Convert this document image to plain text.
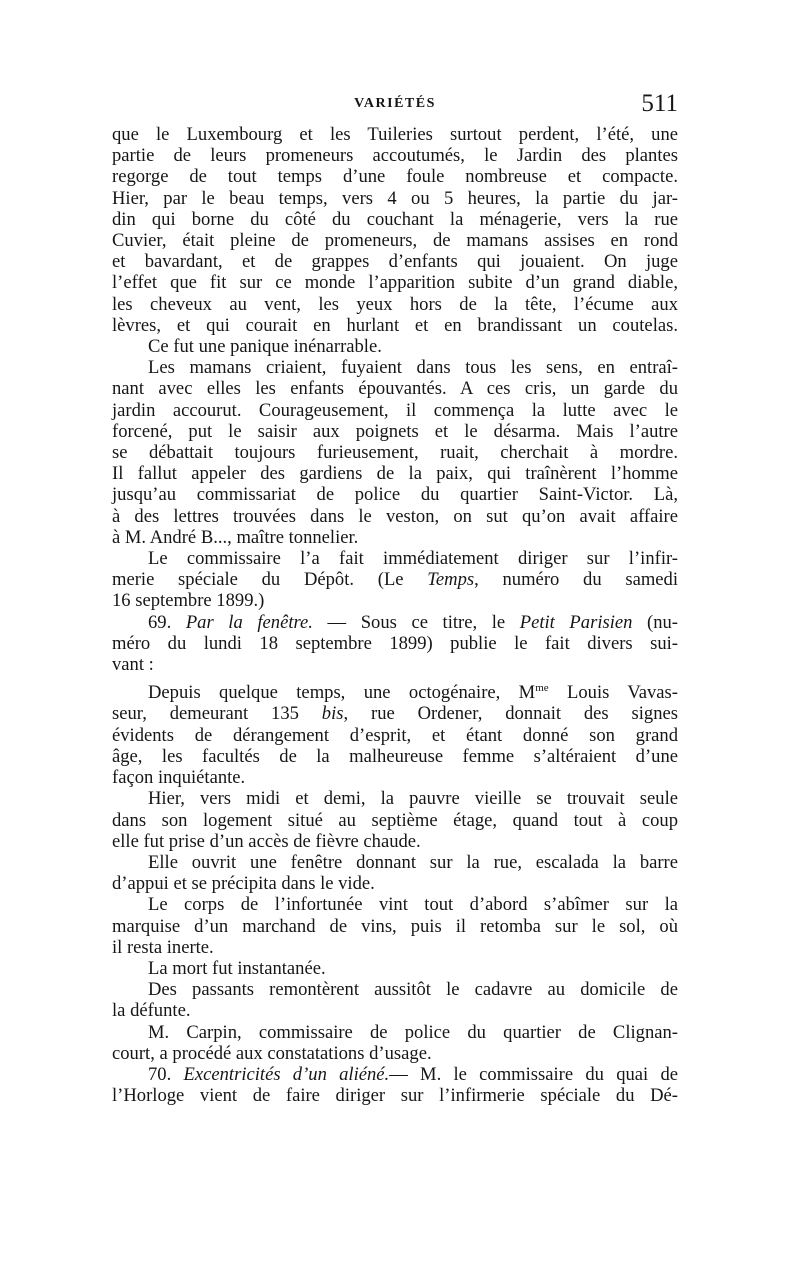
VARIÉTÉS	511
que le Luxembourg et les Tuileries surtout perdent, l’été, une
partie de leurs promeneurs accoutumés, le Jardin des plantes
regorge de tout temps d’une foule nombreuse et compacte.
Hier, par le beau temps, vers 4 ou 5 heures, la partie du jar-
din qui borne du côté du couchant la ménagerie, vers la rue
Cuvier, était pleine de promeneurs, de mamans assises en rond
et bavardant, et de grappes d’enfants qui jouaient. On juge
l’effet que fit sur ce monde l’apparition subite d’un grand diable,
les cheveux au vent, les yeux hors de la tête, l’écume aux
lèvres, et qui courait en hurlant et en brandissant un coutelas.
Ce fut une panique inénarrable.
Les mamans criaient, fuyaient dans tous les sens, en entraî-
nant avec elles les enfants épouvantés. A ces cris, un garde du
jardin accourut. Courageusement, il commença la lutte avec le
forcené, put le saisir aux poignets et le désarma. Mais l’autre
se débattait toujours furieusement, ruait, cherchait à mordre.
Il fallut appeler des gardiens de la paix, qui traînèrent l’homme
jusqu’au commissariat de police du quartier Saint-Victor. Là,
à des lettres trouvées dans le veston, on sut qu’on avait affaire
à M. André B..., maître tonnelier.
Le commissaire l’a fait immédiatement diriger sur l’infir-
merie spéciale du Dépôt. (Le Temps, numéro du samedi
16 septembre 1899.)
69. Par la fenêtre. — Sous ce titre, le Petit Parisien (nu-
méro du lundi 18 septembre 1899) publie le fait divers sui-
vant :
Depuis quelque temps, une octogénaire, $M^{me}$ Louis Vavas-
seur, demeurant 135 bis, rue Ordener, donnait des signes
évidents de dérangement d’esprit, et étant donné son grand
âge, les facultés de la malheureuse femme s’altéraient d’une
façon inquiétante.
Hier, vers midi et demi, la pauvre vieille se trouvait seule
dans son logement situé au septième étage, quand tout à coup
elle fut prise d’un accès de fièvre chaude.
Elle ouvrit une fenêtre donnant sur la rue, escalada la barre
d’appui et se précipita dans le vide.
Le corps de l’infortunée vint tout d’abord s’abîmer sur la
marquise d’un marchand de vins, puis il retomba sur le sol, où
il resta inerte.
La mort fut instantanée.
Des passants remontèrent aussitôt le cadavre au domicile de
la défunte.
M. Carpin, commissaire de police du quartier de Clignan-
court, a procédé aux constatations d’usage.
70. Excentricités d’un aliéné.— M. le commissaire du quai de
l’Horloge vient de faire diriger sur l’infirmerie spéciale du Dé-
